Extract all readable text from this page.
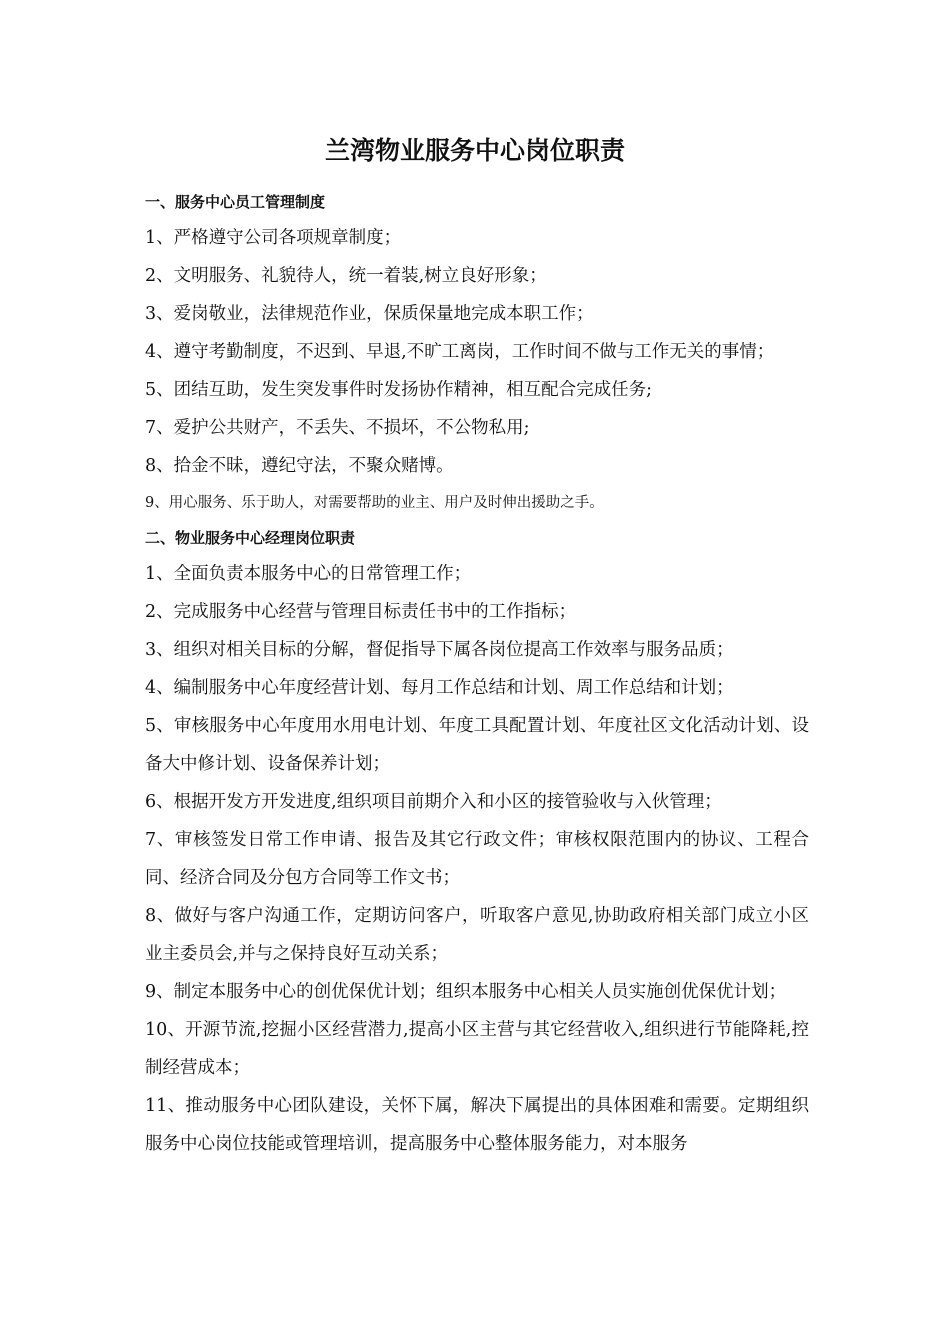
兰湾物业服务中心岗位职责

一、服务中心员工管理制度

1、严格遵守公司各项规章制度；

2、文明服务、礼貌待人，统一着装,树立良好形象；

3、爱岗敬业，法律规范作业，保质保量地完成本职工作；

4、遵守考勤制度，不迟到、早退,不旷工离岗，工作时间不做与工作无关的事情；

5、团结互助，发生突发事件时发扬协作精神，相互配合完成任务;

7、爱护公共财产，不丢失、不损坏，不公物私用;

8、拾金不昧，遵纪守法，不聚众赌博。

9、用心服务、乐于助人，对需要帮助的业主、用户及时伸出援助之手。

二、物业服务中心经理岗位职责

1、全面负责本服务中心的日常管理工作；

2、完成服务中心经营与管理目标责任书中的工作指标；

3、组织对相关目标的分解，督促指导下属各岗位提高工作效率与服务品质；

4、编制服务中心年度经营计划、每月工作总结和计划、周工作总结和计划；

5、审核服务中心年度用水用电计划、年度工具配置计划、年度社区文化活动计划、设备大中修计划、设备保养计划；

6、根据开发方开发进度,组织项目前期介入和小区的接管验收与入伙管理；

7、审核签发日常工作申请、报告及其它行政文件；审核权限范围内的协议、工程合同、经济合同及分包方合同等工作文书；

8、做好与客户沟通工作，定期访问客户，听取客户意见,协助政府相关部门成立小区业主委员会,并与之保持良好互动关系；

9、制定本服务中心的创优保优计划；组织本服务中心相关人员实施创优保优计划；

10、开源节流,挖掘小区经营潜力,提高小区主营与其它经营收入,组织进行节能降耗,控制经营成本；

11、推动服务中心团队建设，关怀下属，解决下属提出的具体困难和需要。定期组织服务中心岗位技能或管理培训，提高服务中心整体服务能力，对本服务
